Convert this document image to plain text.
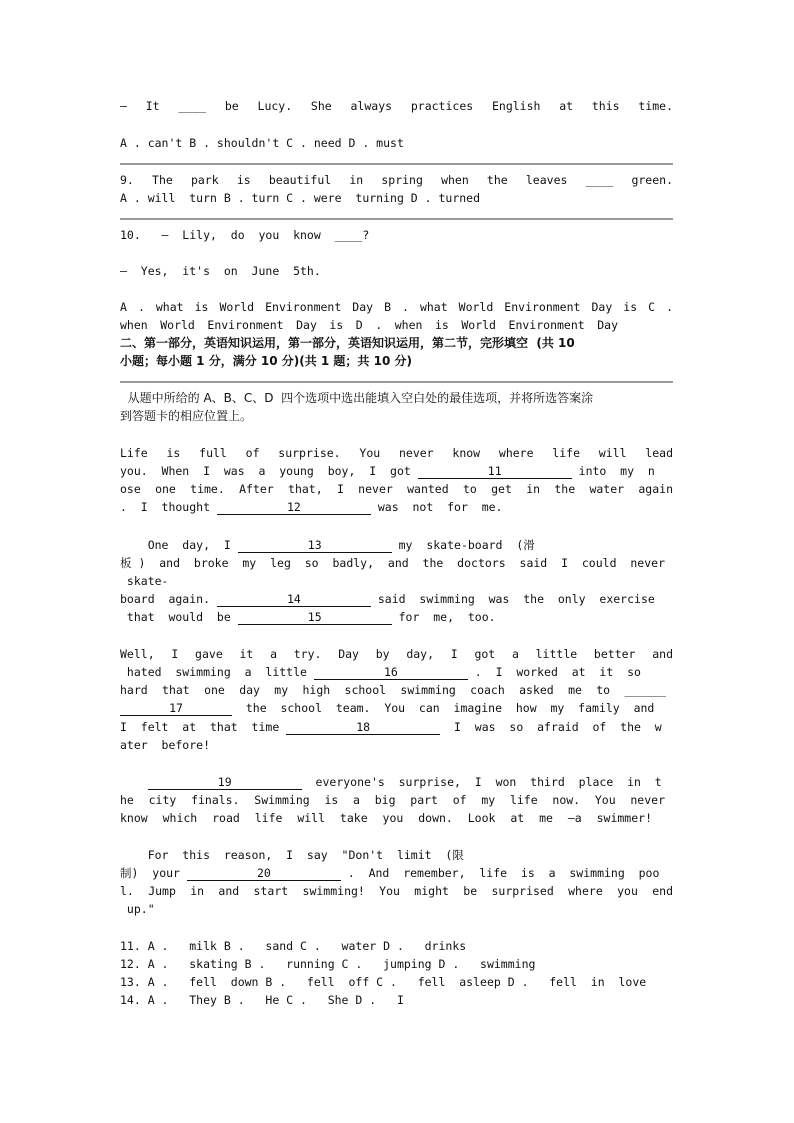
— It ____ be Lucy. She always practices English at this time.
A . can't B . shouldn't C . need D . must
9. The park is beautiful in spring when the leaves ____ green.
A . will  turn B . turn C . were  turning D . turned
10.   —  Lily,  do  you  know  ____?
—  Yes,  it's  on  June  5th.
A . what is World Environment Day B . what World Environment Day is C .
when World Environment Day is D . when is World Environment Day
二、第一部分，英语知识运用，第一部分，英语知识运用，第二节，完形填空  (共 10
小题；每小题 1 分，满分 10 分)(共 1 题；共 10 分)
从题中所给的 A、B、C、D  四个选项中选出能填入空白处的最佳选项，并将所选答案涂
到答题卡的相应位置上。
Life is full of surprise. You never know where life will lead
you.  When  I  was  a  young  boy,  I  got	11	into  my  n
ose one time. After that, I never wanted to get in the water again
.  I  thought	12	was  not  for  me.
One  day,  I	13	my  skate-board  (滑
板) and broke my leg so badly, and the doctors said I could never
skate-
board  again.	14	said  swimming  was  the  only  exercise
that  would  be	15	for  me,  too.
Well, I gave it a try. Day by day, I got a little better and
hated  swimming  a  little	16	.  I  worked  at  it  so
hard that one day my high school swimming coach asked me to ______
17	the  school  team.  You  can  imagine  how  my  family  and
I  felt  at  that  time	18	I  was  so  afraid  of  the  w
ater  before!
19	everyone's  surprise,  I  won  third  place  in  t
he city finals. Swimming is a big part of my life now. You never
know which road life will take you down. Look at me —a swimmer!
For  this  reason,  I  say  "Don't  limit  (限
制)  your	20	.  And  remember,  life  is  a  swimming  poo
l. Jump in and start swimming! You might be surprised where you end
up."
11. A .   milk B .   sand C .   water D .   drinks
12. A .   skating B .   running C .   jumping D .   swimming
13. A .   fell  down B .   fell  off C .   fell  asleep D .   fell  in  love
14. A .   They B .   He C .   She D .   I
